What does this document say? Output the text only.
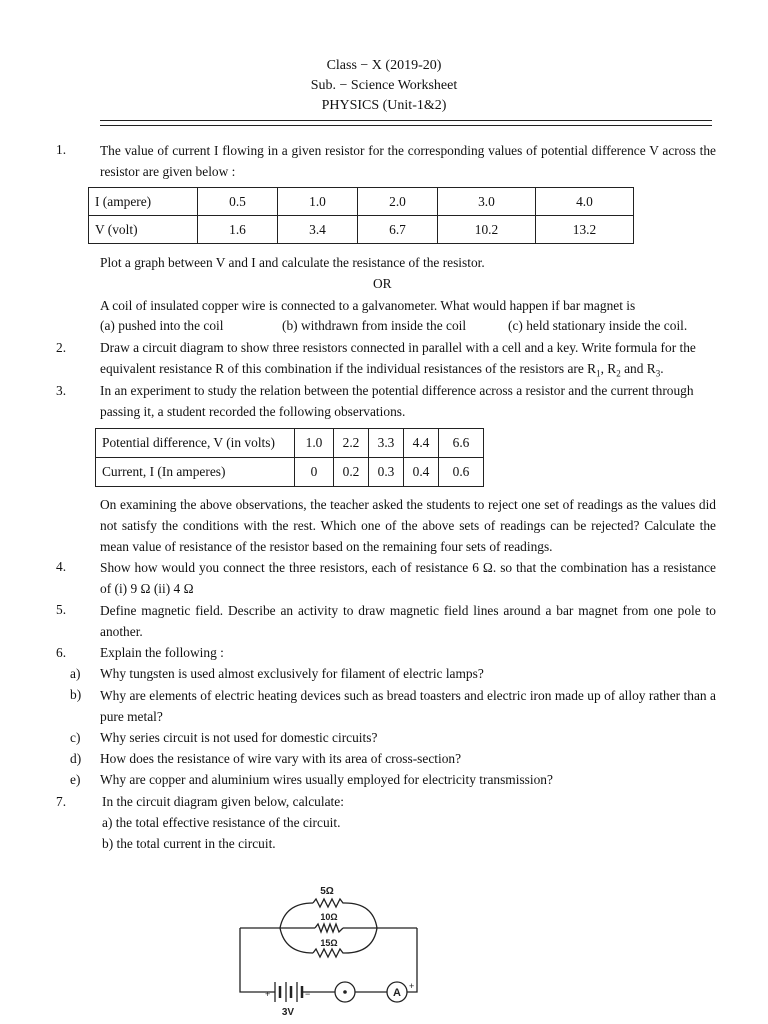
Class − X (2019-20)
Sub. − Science Worksheet
PHYSICS (Unit-1&2)
1.	The value of current I flowing in a given resistor for the corresponding values of potential difference V across the resistor are given below :
I (ampere)	0.5	1.0	2.0	3.0	4.0
V (volt)	1.6	3.4	6.7	10.2	13.2
Plot a graph between V and I and calculate the resistance of the resistor.
OR
A coil of insulated copper wire is connected to a galvanometer. What would happen if bar magnet is
(a) pushed into the coil	(b) withdrawn from inside the coil	(c) held stationary inside the coil.
2.	Draw a circuit diagram to show three resistors connected in parallel with a cell and a key. Write formula for the
equivalent resistance R of this combination if the individual resistances of the resistors are $R_1$, $R_2$ and $R_3$.
3.	In an experiment to study the relation between the potential difference across a resistor and the current through
passing it, a student recorded the following observations.
Potential difference, V (in volts)	1.0	2.2	3.3	4.4	6.6
Current, I (In amperes)	0	0.2	0.3	0.4	0.6
On examining the above observations, the teacher asked the students to reject one set of readings as the values did not satisfy the conditions with the rest. Which one of the above sets of readings can be rejected? Calculate the mean value of resistance of the resistor based on the remaining four sets of readings.
4.	Show how would you connect the three resistors, each of resistance 6 Ω. so that the combination has a resistance of (i) 9 Ω (ii) 4 Ω
5.	Define magnetic field. Describe an activity to draw magnetic field lines around a bar magnet from one pole to another.
6.	Explain the following :
a) Why tungsten is used almost exclusively for filament of electric lamps?
b) Why are elements of electric heating devices such as bread toasters and electric iron made up of alloy rather than a pure metal?
c) Why series circuit is not used for domestic circuits?
d) How does the resistance of wire vary with its area of cross-section?
e) Why are copper and aluminium wires usually employed for electricity transmission?
7.	In the circuit diagram given below, calculate:
a) the total effective resistance of the circuit.
b) the total current in the circuit.
5Ω
10Ω
15Ω
A
+	−
+
3V
